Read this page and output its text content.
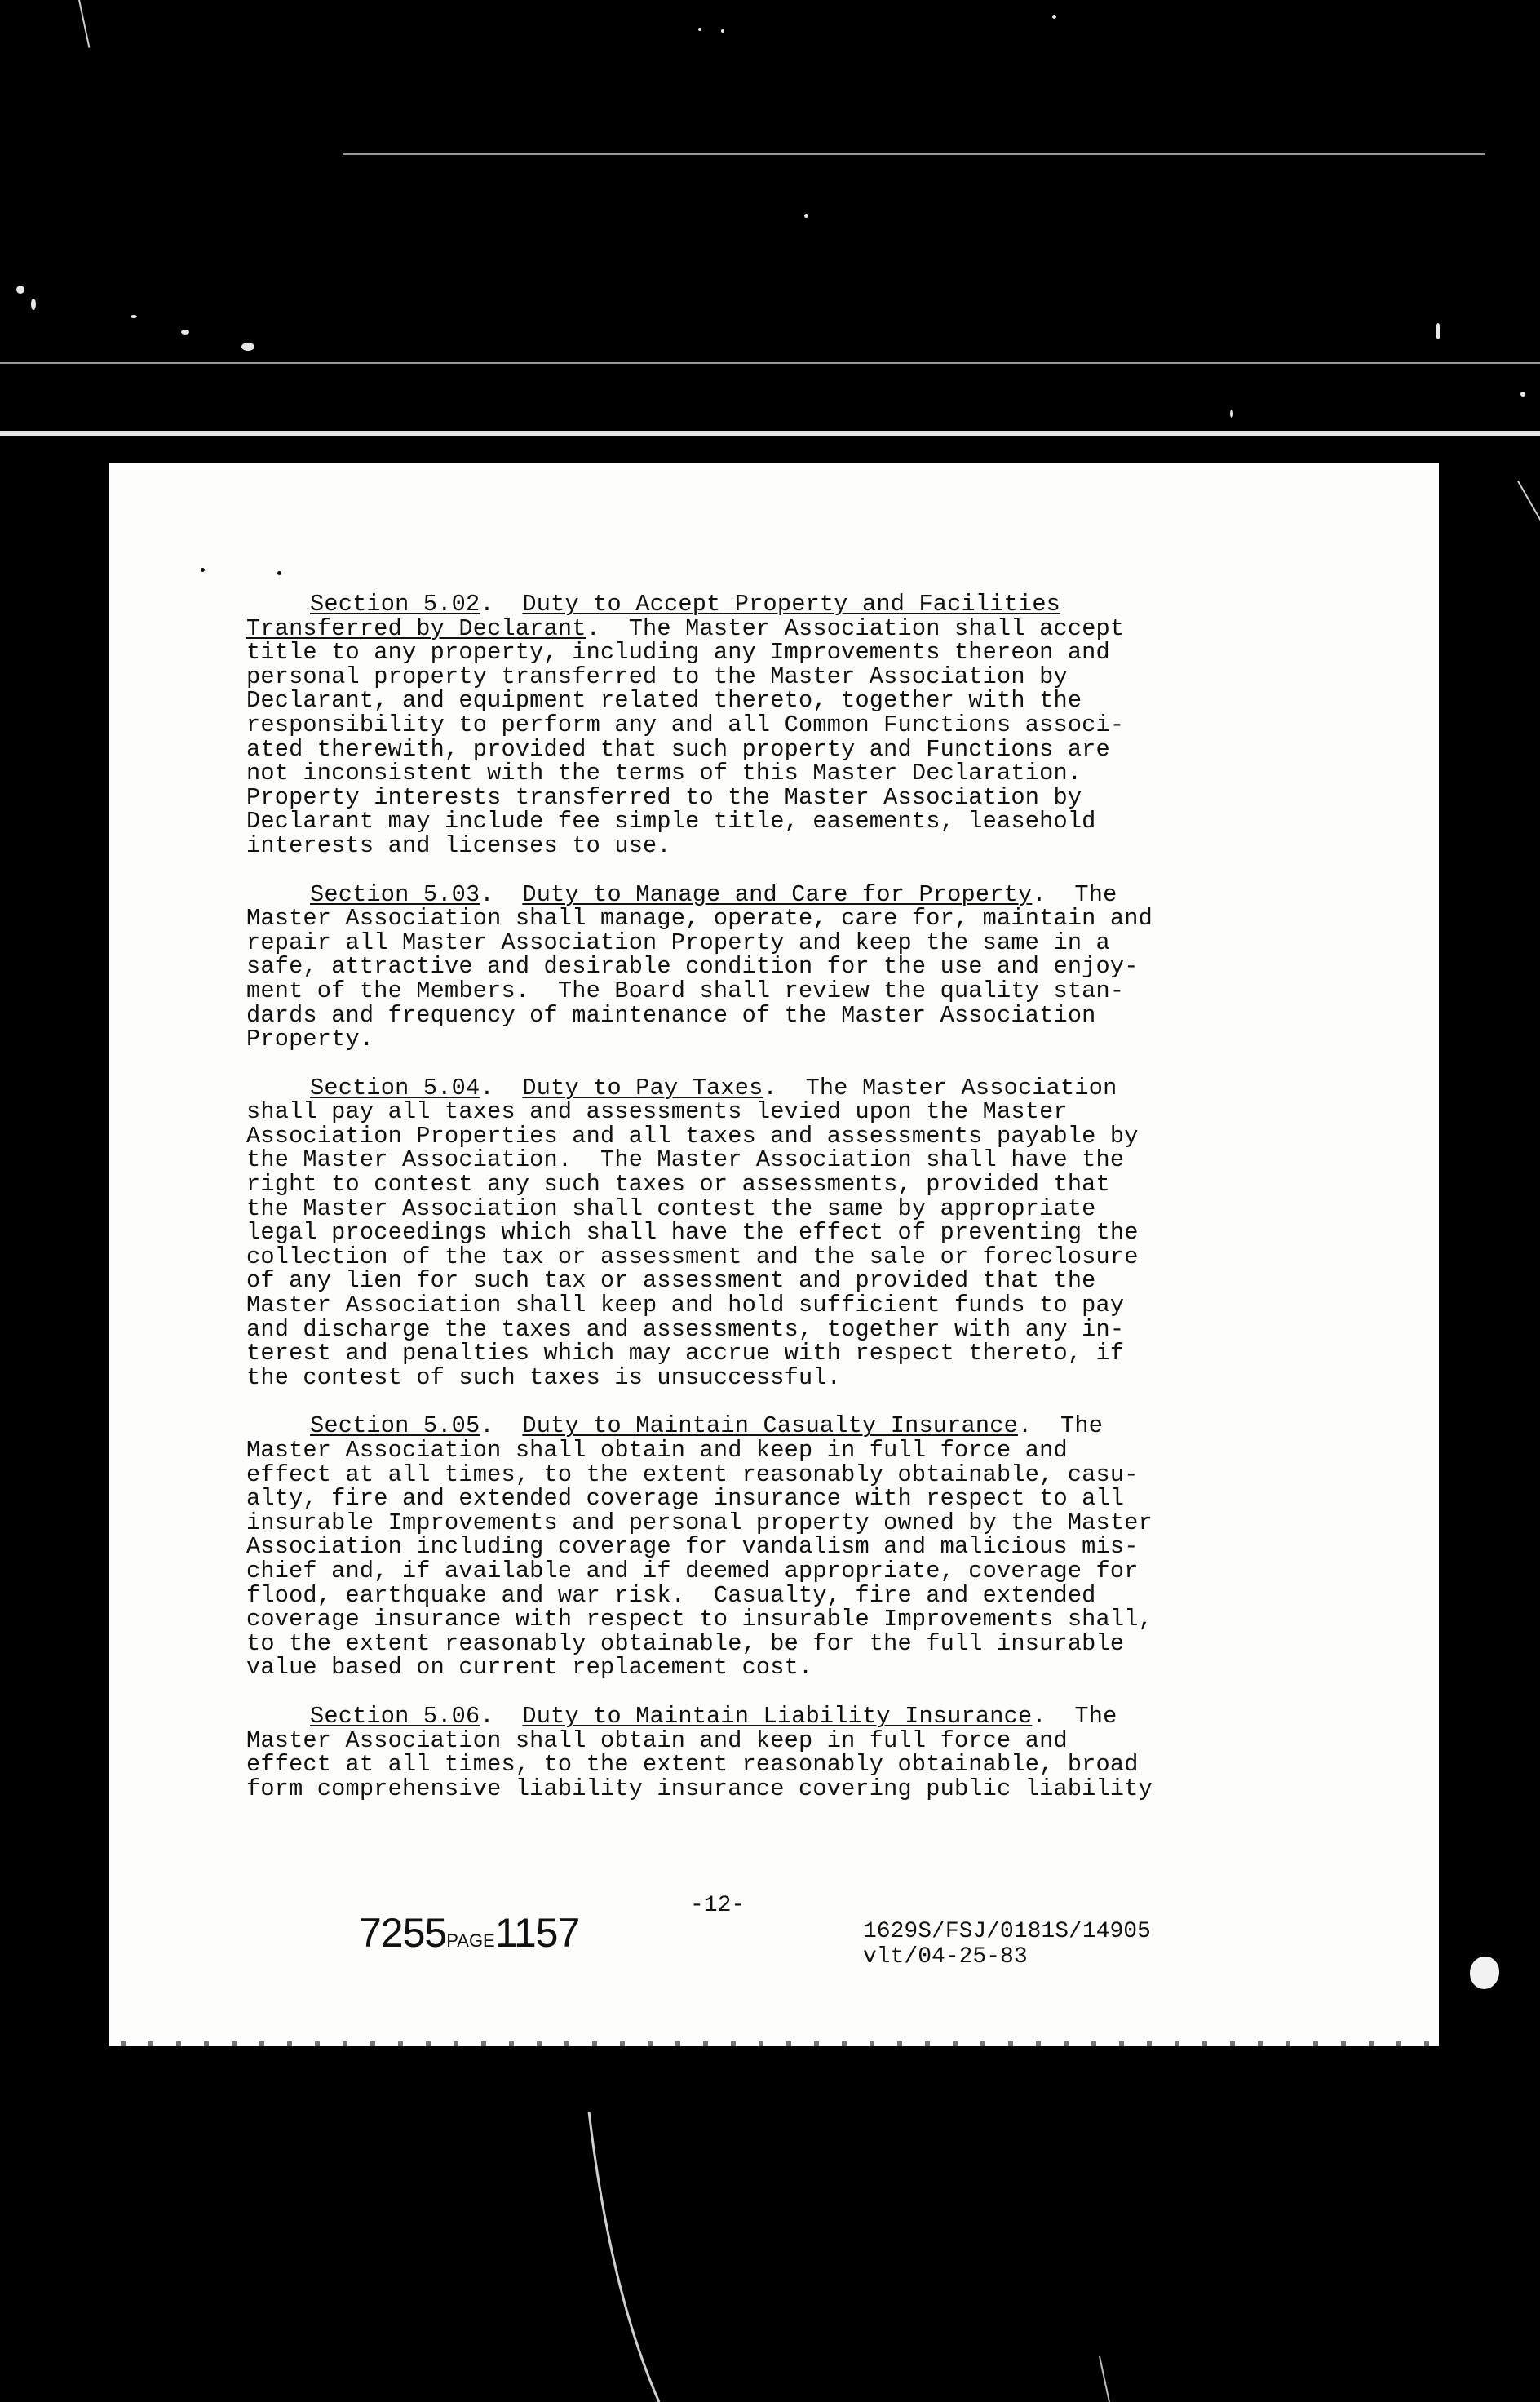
Section 5.02.  Duty to Accept Property and Facilities
Transferred by Declarant.  The Master Association shall accept
title to any property, including any Improvements thereon and
personal property transferred to the Master Association by
Declarant, and equipment related thereto, together with the
responsibility to perform any and all Common Functions associ-
ated therewith, provided that such property and Functions are
not inconsistent with the terms of this Master Declaration.
Property interests transferred to the Master Association by
Declarant may include fee simple title, easements, leasehold
interests and licenses to use.
Section 5.03.  Duty to Manage and Care for Property.  The
Master Association shall manage, operate, care for, maintain and
repair all Master Association Property and keep the same in a
safe, attractive and desirable condition for the use and enjoy-
ment of the Members.  The Board shall review the quality stan-
dards and frequency of maintenance of the Master Association
Property.
Section 5.04.  Duty to Pay Taxes.  The Master Association
shall pay all taxes and assessments levied upon the Master
Association Properties and all taxes and assessments payable by
the Master Association.  The Master Association shall have the
right to contest any such taxes or assessments, provided that
the Master Association shall contest the same by appropriate
legal proceedings which shall have the effect of preventing the
collection of the tax or assessment and the sale or foreclosure
of any lien for such tax or assessment and provided that the
Master Association shall keep and hold sufficient funds to pay
and discharge the taxes and assessments, together with any in-
terest and penalties which may accrue with respect thereto, if
the contest of such taxes is unsuccessful.
Section 5.05.  Duty to Maintain Casualty Insurance.  The
Master Association shall obtain and keep in full force and
effect at all times, to the extent reasonably obtainable, casu-
alty, fire and extended coverage insurance with respect to all
insurable Improvements and personal property owned by the Master
Association including coverage for vandalism and malicious mis-
chief and, if available and if deemed appropriate, coverage for
flood, earthquake and war risk.  Casualty, fire and extended
coverage insurance with respect to insurable Improvements shall,
to the extent reasonably obtainable, be for the full insurable
value based on current replacement cost.
Section 5.06.  Duty to Maintain Liability Insurance.  The
Master Association shall obtain and keep in full force and
effect at all times, to the extent reasonably obtainable, broad
form comprehensive liability insurance covering public liability
-12-
7255PAGE1157	1629S/FSJ/0181S/14905
vlt/04-25-83
